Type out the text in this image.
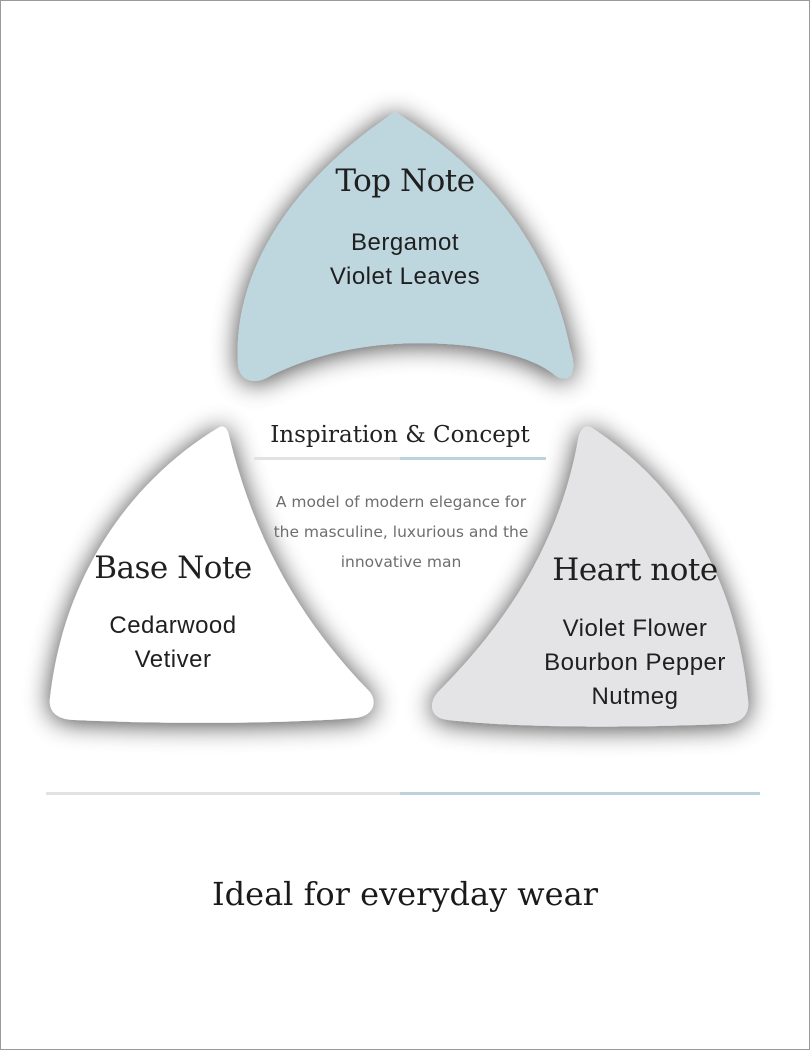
Top Note
Bergamot
Violet Leaves
Inspiration & Concept
A model of modern elegance for
the masculine, luxurious and the
innovative man
Base Note
Cedarwood
Vetiver
Heart note
Violet Flower
Bourbon Pepper
Nutmeg
Ideal for everyday wear
